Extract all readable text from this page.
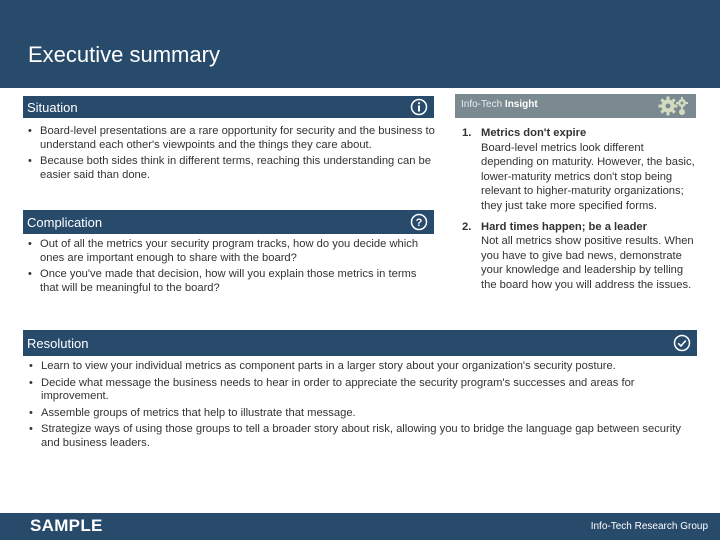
Executive summary
Situation
• Board-level presentations are a rare opportunity for security and the business to understand each other's viewpoints and the things they care about.
• Because both sides think in different terms, reaching this understanding can be easier said than done.
Complication	?
• Out of all the metrics your security program tracks, how do you decide which ones are important enough to share with the board?
• Once you've made that decision, how will you explain those metrics in terms that will be meaningful to the board?
Info-Tech Insight
1. Metrics don't expire
Board-level metrics look different depending on maturity. However, the basic, lower-maturity metrics don't stop being relevant to higher-maturity organizations; they just take more specified forms.
2. Hard times happen; be a leader
Not all metrics show positive results. When you have to give bad news, demonstrate your knowledge and leadership by telling the board how you will address the issues.
Resolution
• Learn to view your individual metrics as component parts in a larger story about your organization's security posture.
• Decide what message the business needs to hear in order to appreciate the security program's successes and areas for improvement.
• Assemble groups of metrics that help to illustrate that message.
• Strategize ways of using those groups to tell a broader story about risk, allowing you to bridge the language gap between security and business leaders.
SAMPLE	Info-Tech Research Group
